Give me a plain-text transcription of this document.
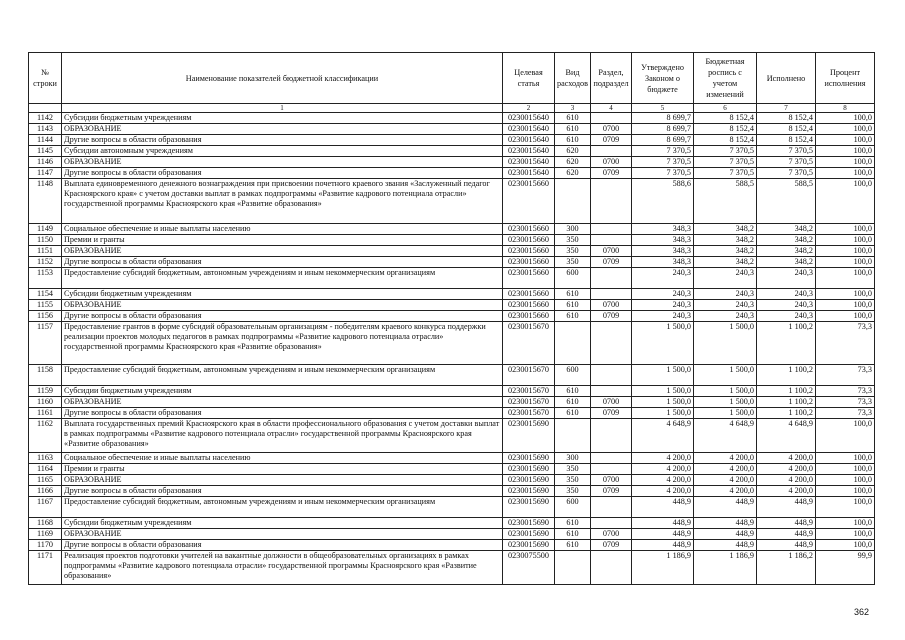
№ строки	Наименование показателей бюджетной классификации	Целевая статья	Вид расходов	Раздел, подраздел	Утверждено Законом о бюджете	Бюджетная роспись с учетом изменений	Исполнено	Процент исполнения
	1	2	3	4	5	6	7	8
1142	Субсидии бюджетным учреждениям	0230015640	610		8 699,7	8 152,4	8 152,4	100,0
1143	ОБРАЗОВАНИЕ	0230015640	610	0700	8 699,7	8 152,4	8 152,4	100,0
1144	Другие вопросы в области образования	0230015640	610	0709	8 699,7	8 152,4	8 152,4	100,0
1145	Субсидии автономным учреждениям	0230015640	620		7 370,5	7 370,5	7 370,5	100,0
1146	ОБРАЗОВАНИЕ	0230015640	620	0700	7 370,5	7 370,5	7 370,5	100,0
1147	Другие вопросы в области образования	0230015640	620	0709	7 370,5	7 370,5	7 370,5	100,0
1148	Выплата единовременного денежного вознаграждения при присвоении почетного краевого звания «Заслуженный педагог Красноярского края» с учетом доставки выплат в рамках подпрограммы «Развитие кадрового потенциала отрасли» государственной программы Красноярского края «Развитие образования»	0230015660			588,6	588,5	588,5	100,0
1149	Социальное обеспечение и иные выплаты населению	0230015660	300		348,3	348,2	348,2	100,0
1150	Премии и гранты	0230015660	350		348,3	348,2	348,2	100,0
1151	ОБРАЗОВАНИЕ	0230015660	350	0700	348,3	348,2	348,2	100,0
1152	Другие вопросы в области образования	0230015660	350	0709	348,3	348,2	348,2	100,0
1153	Предоставление субсидий бюджетным, автономным учреждениям и иным некоммерческим организациям	0230015660	600		240,3	240,3	240,3	100,0
1154	Субсидии бюджетным учреждениям	0230015660	610		240,3	240,3	240,3	100,0
1155	ОБРАЗОВАНИЕ	0230015660	610	0700	240,3	240,3	240,3	100,0
1156	Другие вопросы в области образования	0230015660	610	0709	240,3	240,3	240,3	100,0
1157	Предоставление грантов в форме субсидий образовательным организациям - победителям краевого конкурса поддержки реализации проектов молодых педагогов в рамках подпрограммы «Развитие кадрового потенциала отрасли» государственной программы Красноярского края «Развитие образования»	0230015670			1 500,0	1 500,0	1 100,2	73,3
1158	Предоставление субсидий бюджетным, автономным учреждениям и иным некоммерческим организациям	0230015670	600		1 500,0	1 500,0	1 100,2	73,3
1159	Субсидии бюджетным учреждениям	0230015670	610		1 500,0	1 500,0	1 100,2	73,3
1160	ОБРАЗОВАНИЕ	0230015670	610	0700	1 500,0	1 500,0	1 100,2	73,3
1161	Другие вопросы в области образования	0230015670	610	0709	1 500,0	1 500,0	1 100,2	73,3
1162	Выплата государственных премий Красноярского края в области профессионального образования с учетом доставки выплат в рамках подпрограммы «Развитие кадрового потенциала отрасли» государственной программы Красноярского края «Развитие образования»	0230015690			4 648,9	4 648,9	4 648,9	100,0
1163	Социальное обеспечение и иные выплаты населению	0230015690	300		4 200,0	4 200,0	4 200,0	100,0
1164	Премии и гранты	0230015690	350		4 200,0	4 200,0	4 200,0	100,0
1165	ОБРАЗОВАНИЕ	0230015690	350	0700	4 200,0	4 200,0	4 200,0	100,0
1166	Другие вопросы в области образования	0230015690	350	0709	4 200,0	4 200,0	4 200,0	100,0
1167	Предоставление субсидий бюджетным, автономным учреждениям и иным некоммерческим организациям	0230015690	600		448,9	448,9	448,9	100,0
1168	Субсидии бюджетным учреждениям	0230015690	610		448,9	448,9	448,9	100,0
1169	ОБРАЗОВАНИЕ	0230015690	610	0700	448,9	448,9	448,9	100,0
1170	Другие вопросы в области образования	0230015690	610	0709	448,9	448,9	448,9	100,0
1171	Реализация проектов подготовки учителей на вакантные должности в общеобразовательных организациях в рамках подпрограммы «Развитие кадрового потенциала отрасли» государственной программы Красноярского края «Развитие образования»	0230075500			1 186,9	1 186,9	1 186,2	99,9
362
